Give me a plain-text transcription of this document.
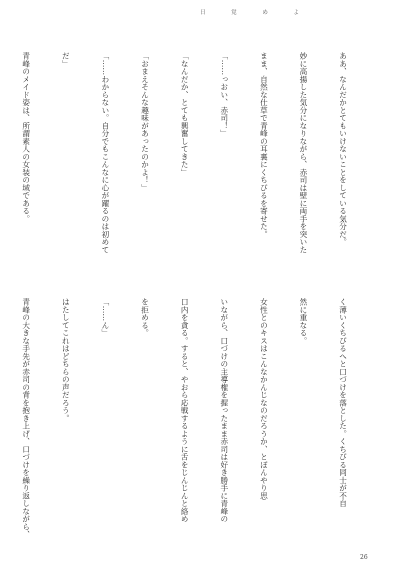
日	覚	め	よ

ああ、なんだかとてもいけないことをしている気分だ。

妙に高揚した気分になりながら、赤司は壁に両手を突いた

まま、自然な仕草で青峰の耳裏にくちびるを寄せた。

「……っおい、赤司！」

「なんだか、とても興奮してきた」

「おまえそんな趣味があったのかよ！」

「……わからない。自分でもこんなに心が躍るのは初めて

だ」

青峰のメイド姿は、所謂素人の女装の域である。

く薄いくちびるへと口づけを落とした。くちびる同士が不自

然に重なる。

女性とのキスはこんなかんじなのだろうか、とぼんやり思

いながら、口づけの主導権を握ったまま赤司は好き勝手に青峰の

口内を貪る。すると、やおら応戦するように舌をじんじんと絡め

を拒める。

「……ん」

はたしてこれはどちらの声だろう。

青峰の大きな手先が赤司の背を抱き上げ、口づけを繰り返しながら、

26
